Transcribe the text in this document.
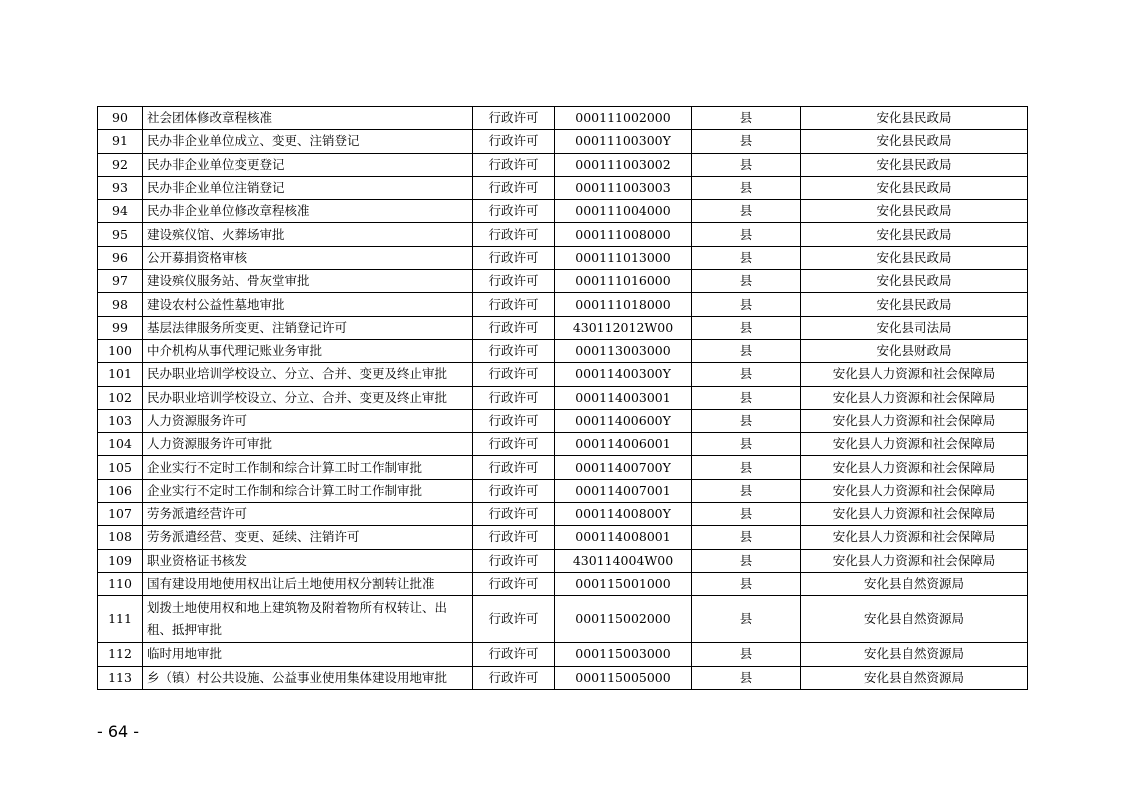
90	社会团体修改章程核准	行政许可	000111002000	县	安化县民政局
91	民办非企业单位成立、变更、注销登记	行政许可	00011100300Y	县	安化县民政局
92	民办非企业单位变更登记	行政许可	000111003002	县	安化县民政局
93	民办非企业单位注销登记	行政许可	000111003003	县	安化县民政局
94	民办非企业单位修改章程核准	行政许可	000111004000	县	安化县民政局
95	建设殡仪馆、火葬场审批	行政许可	000111008000	县	安化县民政局
96	公开募捐资格审核	行政许可	000111013000	县	安化县民政局
97	建设殡仪服务站、骨灰堂审批	行政许可	000111016000	县	安化县民政局
98	建设农村公益性墓地审批	行政许可	000111018000	县	安化县民政局
99	基层法律服务所变更、注销登记许可	行政许可	430112012W00	县	安化县司法局
100	中介机构从事代理记账业务审批	行政许可	000113003000	县	安化县财政局
101	民办职业培训学校设立、分立、合并、变更及终止审批	行政许可	00011400300Y	县	安化县人力资源和社会保障局
102	民办职业培训学校设立、分立、合并、变更及终止审批	行政许可	000114003001	县	安化县人力资源和社会保障局
103	人力资源服务许可	行政许可	00011400600Y	县	安化县人力资源和社会保障局
104	人力资源服务许可审批	行政许可	000114006001	县	安化县人力资源和社会保障局
105	企业实行不定时工作制和综合计算工时工作制审批	行政许可	00011400700Y	县	安化县人力资源和社会保障局
106	企业实行不定时工作制和综合计算工时工作制审批	行政许可	000114007001	县	安化县人力资源和社会保障局
107	劳务派遣经营许可	行政许可	00011400800Y	县	安化县人力资源和社会保障局
108	劳务派遣经营、变更、延续、注销许可	行政许可	000114008001	县	安化县人力资源和社会保障局
109	职业资格证书核发	行政许可	430114004W00	县	安化县人力资源和社会保障局
110	国有建设用地使用权出让后土地使用权分割转让批准	行政许可	000115001000	县	安化县自然资源局
111	划拨土地使用权和地上建筑物及附着物所有权转让、出租、抵押审批	行政许可	000115002000	县	安化县自然资源局
112	临时用地审批	行政许可	000115003000	县	安化县自然资源局
113	乡（镇）村公共设施、公益事业使用集体建设用地审批	行政许可	000115005000	县	安化县自然资源局
- 64 -
